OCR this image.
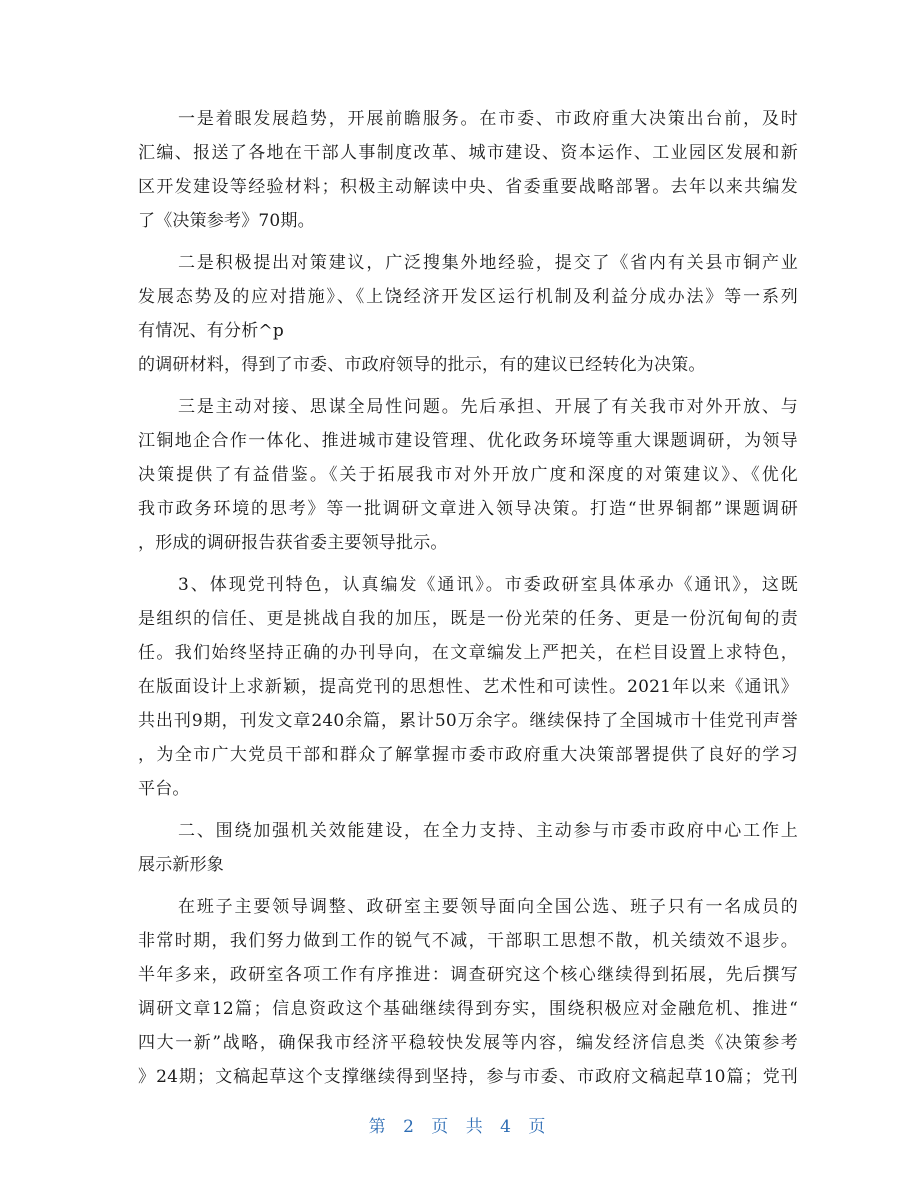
一是着眼发展趋势，开展前瞻服务。在市委、市政府重大决策出台前，及时
汇编、报送了各地在干部人事制度改革、城市建设、资本运作、工业园区发展和新
区开发建设等经验材料；积极主动解读中央、省委重要战略部署。去年以来共编发
了《决策参考》70期。
二是积极提出对策建议，广泛搜集外地经验，提交了《省内有关县市铜产业
发展态势及的应对措施》、《上饶经济开发区运行机制及利益分成办法》等一系列
有情况、有分析^p
的调研材料，得到了市委、市政府领导的批示，有的建议已经转化为决策。
三是主动对接、思谋全局性问题。先后承担、开展了有关我市对外开放、与
江铜地企合作一体化、推进城市建设管理、优化政务环境等重大课题调研，为领导
决策提供了有益借鉴。《关于拓展我市对外开放广度和深度的对策建议》、《优化
我市政务环境的思考》等一批调研文章进入领导决策。打造“世界铜都”课题调研
，形成的调研报告获省委主要领导批示。
3、体现党刊特色，认真编发《通讯》。市委政研室具体承办《通讯》，这既
是组织的信任、更是挑战自我的加压，既是一份光荣的任务、更是一份沉甸甸的责
任。我们始终坚持正确的办刊导向，在文章编发上严把关，在栏目设置上求特色，
在版面设计上求新颖，提高党刊的思想性、艺术性和可读性。2021年以来《通讯》
共出刊9期，刊发文章240余篇，累计50万余字。继续保持了全国城市十佳党刊声誉
，为全市广大党员干部和群众了解掌握市委市政府重大决策部署提供了良好的学习
平台。
二、围绕加强机关效能建设，在全力支持、主动参与市委市政府中心工作上
展示新形象
在班子主要领导调整、政研室主要领导面向全国公选、班子只有一名成员的
非常时期，我们努力做到工作的锐气不减，干部职工思想不散，机关绩效不退步。
半年多来，政研室各项工作有序推进：调查研究这个核心继续得到拓展，先后撰写
调研文章12篇；信息资政这个基础继续得到夯实，围绕积极应对金融危机、推进“
四大一新”战略，确保我市经济平稳较快发展等内容，编发经济信息类《决策参考
》24期；文稿起草这个支撑继续得到坚持，参与市委、市政府文稿起草10篇；党刊
第 2 页 共 4 页
